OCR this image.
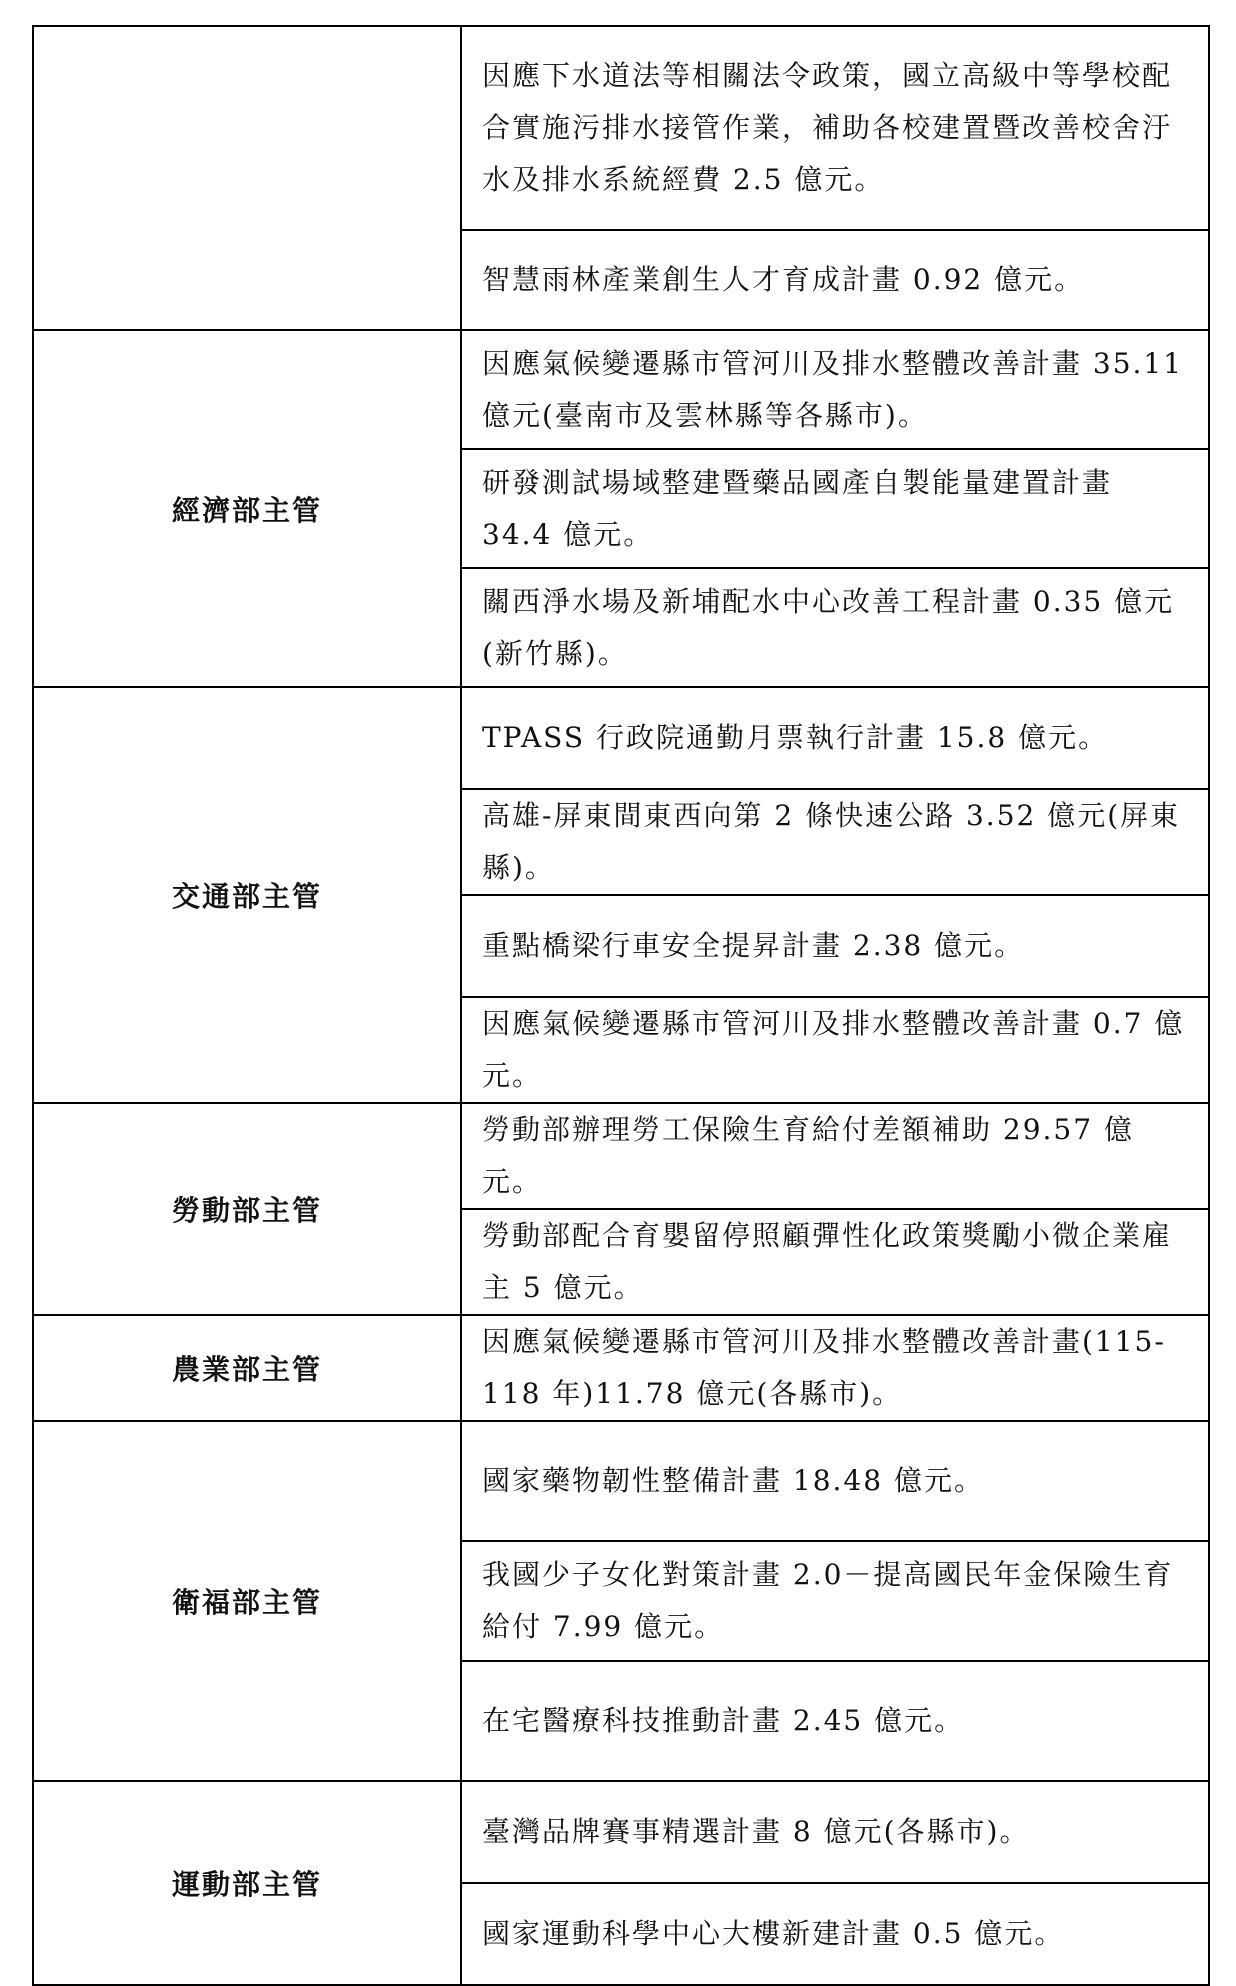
	因應下水道法等相關法令政策，國立高級中等學校配合實施污排水接管作業，補助各校建置暨改善校舍汙水及排水系統經費 2.5 億元。

	智慧雨林產業創生人才育成計畫 0.92 億元。

經濟部主管	因應氣候變遷縣市管河川及排水整體改善計畫 35.11 億元(臺南市及雲林縣等各縣市)。

	研發測試場域整建暨藥品國產自製能量建置計畫 34.4 億元。

	關西淨水場及新埔配水中心改善工程計畫 0.35 億元(新竹縣)。

交通部主管	TPASS 行政院通勤月票執行計畫 15.8 億元。

	高雄-屏東間東西向第 2 條快速公路 3.52 億元(屏東縣)。

	重點橋梁行車安全提昇計畫 2.38 億元。

	因應氣候變遷縣市管河川及排水整體改善計畫 0.7 億元。

勞動部主管	勞動部辦理勞工保險生育給付差額補助 29.57 億元。

	勞動部配合育嬰留停照顧彈性化政策獎勵小微企業雇主 5 億元。

農業部主管	因應氣候變遷縣市管河川及排水整體改善計畫(115-118 年)11.78 億元(各縣市)。

衛福部主管	國家藥物韌性整備計畫 18.48 億元。

	我國少子女化對策計畫 2.0－提高國民年金保險生育給付 7.99 億元。

	在宅醫療科技推動計畫 2.45 億元。

運動部主管	臺灣品牌賽事精選計畫 8 億元(各縣市)。

	國家運動科學中心大樓新建計畫 0.5 億元。
